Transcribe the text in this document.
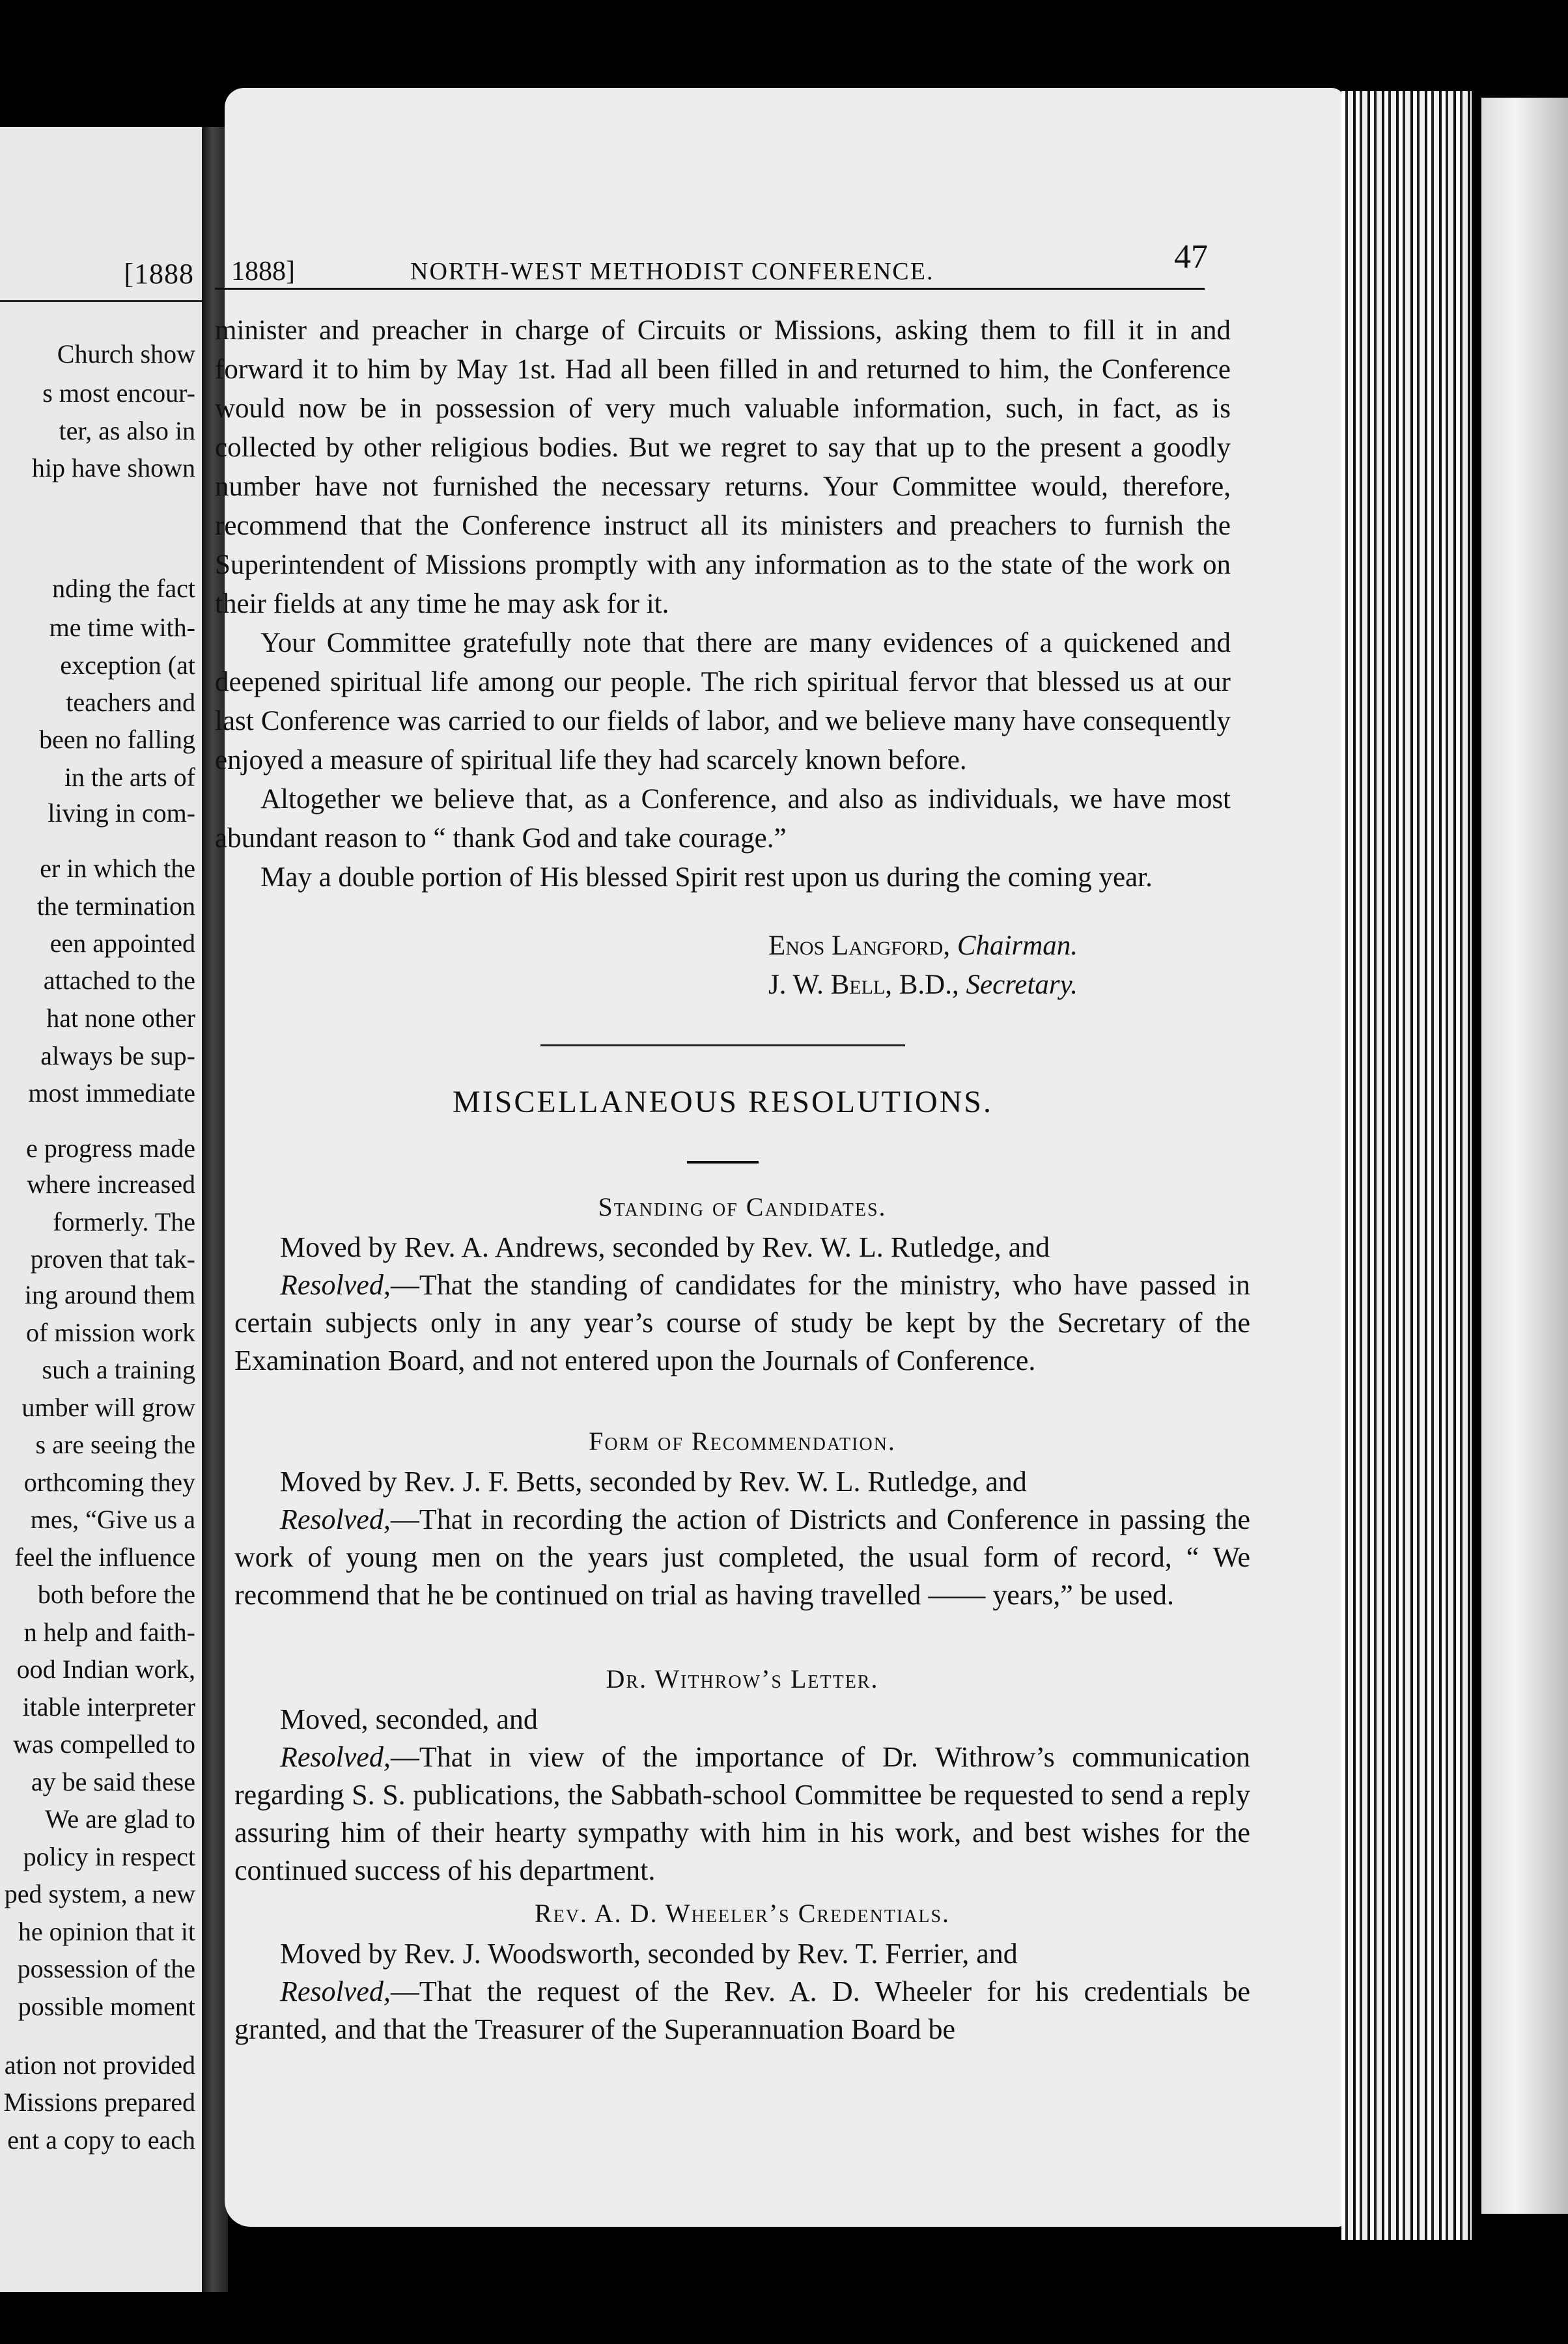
[1888
Church show
s most encour-
ter, as also in
hip have shown
nding the fact
me time with-
exception (at
teachers and
been no falling
in the arts of
living in com-
er in which the
the termination
een appointed
attached to the
hat none other
always be sup-
most immediate
e progress made
where increased
formerly. The
proven that tak-
ing around them
of mission work
such a training
umber will grow
s are seeing the
orthcoming they
mes, “Give us a
feel the influence
both before the
n help and faith-
ood Indian work,
itable interpreter
was compelled to
ay be said these
We are glad to
policy in respect
ped system, a new
he opinion that it
possession of the
possible moment
ation not provided
Missions prepared
ent a copy to each
1888]	NORTH-WEST METHODIST CONFERENCE.	47

minister and preacher in charge of Circuits or Missions, asking them to fill it in and forward it to him by May 1st. Had all been filled in and returned to him, the Conference would now be in possession of very much valuable information, such, in fact, as is collected by other religious bodies. But we regret to say that up to the present a goodly number have not furnished the necessary returns. Your Committee would, therefore, recommend that the Conference instruct all its ministers and preachers to furnish the Superintendent of Missions promptly with any information as to the state of the work on their fields at any time he may ask for it.

Your Committee gratefully note that there are many evidences of a quickened and deepened spiritual life among our people. The rich spiritual fervor that blessed us at our last Conference was carried to our fields of labor, and we believe many have consequently enjoyed a measure of spiritual life they had scarcely known before.

Altogether we believe that, as a Conference, and also as individuals, we have most abundant reason to “ thank God and take courage.”

May a double portion of His blessed Spirit rest upon us during the coming year.

Enos Langford, Chairman.
J. W. Bell, B.D., Secretary.
MISCELLANEOUS RESOLUTIONS.
Standing of Candidates.

Moved by Rev. A. Andrews, seconded by Rev. W. L. Rutledge, and

Resolved,—That the standing of candidates for the ministry, who have passed in certain subjects only in any year’s course of study be kept by the Secretary of the Examination Board, and not entered upon the Journals of Conference.

Form of Recommendation.

Moved by Rev. J. F. Betts, seconded by Rev. W. L. Rutledge, and

Resolved,—That in recording the action of Districts and Conference in passing the work of young men on the years just completed, the usual form of record, “ We recommend that he be continued on trial as having travelled —— years,” be used.

Dr. Withrow’s Letter.

Moved, seconded, and

Resolved,—That in view of the importance of Dr. Withrow’s communication regarding S. S. publications, the Sabbath-school Committee be requested to send a reply assuring him of their hearty sympathy with him in his work, and best wishes for the continued success of his department.

Rev. A. D. Wheeler’s Credentials.

Moved by Rev. J. Woodsworth, seconded by Rev. T. Ferrier, and

Resolved,—That the request of the Rev. A. D. Wheeler for his credentials be granted, and that the Treasurer of the Superannuation Board be
